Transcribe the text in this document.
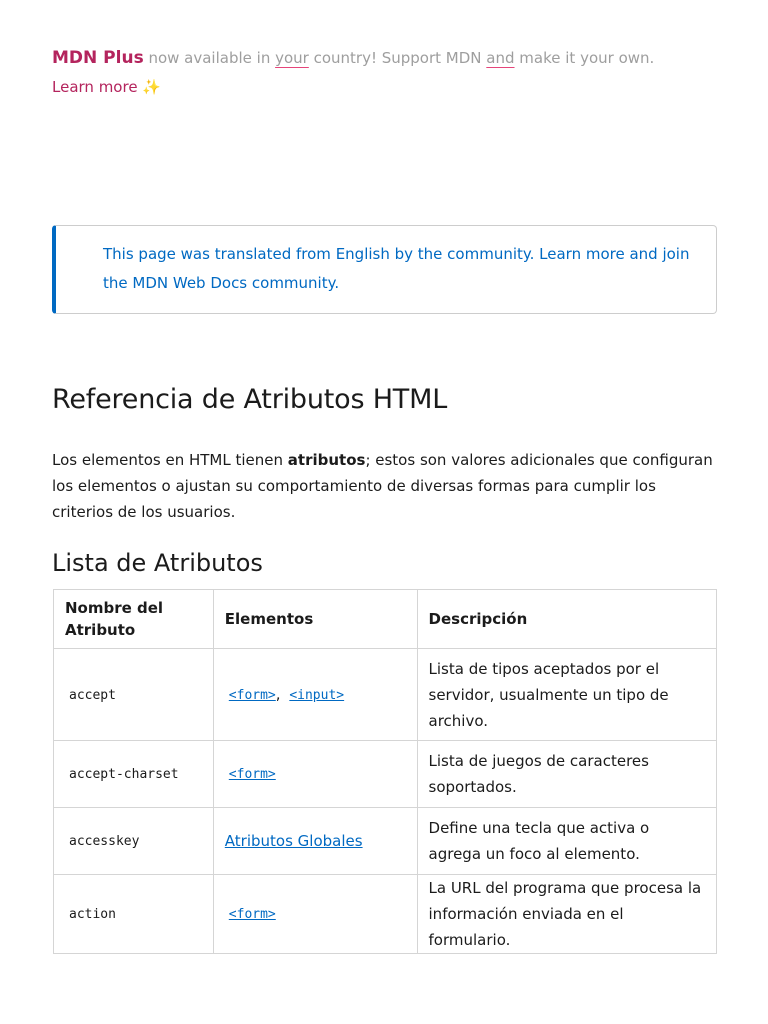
MDN Plus now available in your country! Support MDN and make it your own. Learn more ✨
This page was translated from English by the community. Learn more and join the MDN Web Docs community.
Referencia de Atributos HTML

Los elementos en HTML tienen atributos; estos son valores adicionales que configuran los elementos o ajustan su comportamiento de diversas formas para cumplir los criterios de los usuarios.

Lista de Atributos
Nombre del Atributo	Elementos	Descripción
accept	<form>, <input>	Lista de tipos aceptados por el servidor, usualmente un tipo de archivo.
accept-charset	<form>	Lista de juegos de caracteres soportados.
accesskey	Atributos Globales	Define una tecla que activa o agrega un foco al elemento.
action	<form>	La URL del programa que procesa la información enviada en el formulario.
